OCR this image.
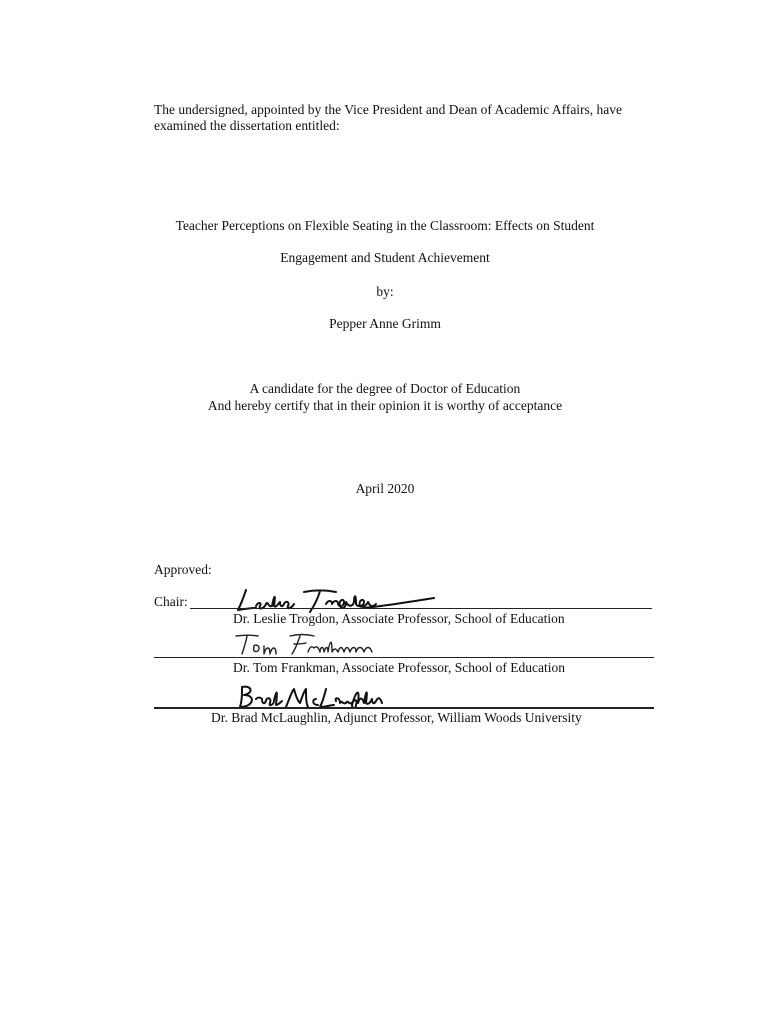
The undersigned, appointed by the Vice President and Dean of Academic Affairs, have examined the dissertation entitled:
Teacher Perceptions on Flexible Seating in the Classroom: Effects on Student
Engagement and Student Achievement
by:
Pepper Anne Grimm
A candidate for the degree of Doctor of Education
And hereby certify that in their opinion it is worthy of acceptance
April 2020
Approved:
Chair:
Dr. Leslie Trogdon, Associate Professor, School of Education
Dr. Tom Frankman, Associate Professor, School of Education
Dr. Brad McLaughlin, Adjunct Professor, William Woods University
